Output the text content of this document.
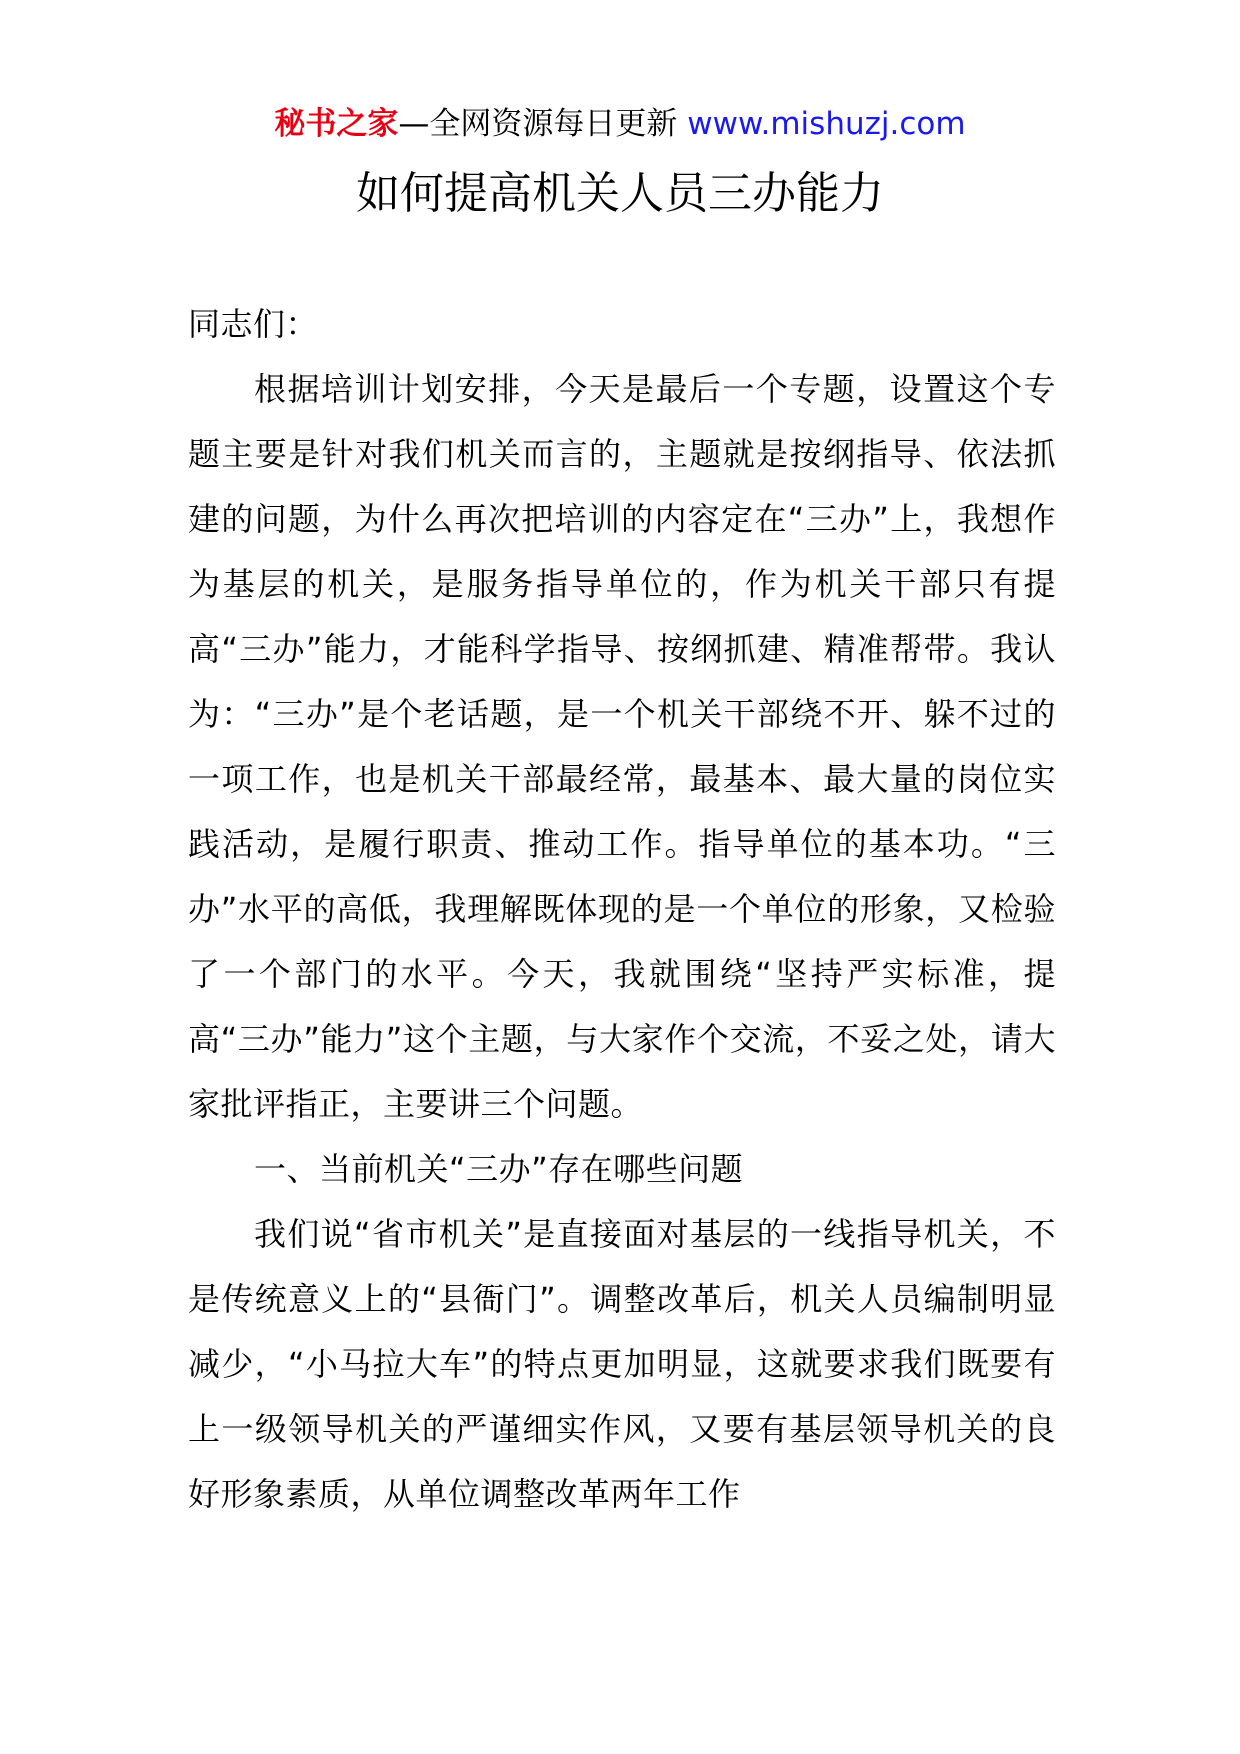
秘书之家—全网资源每日更新 www.mishuzj.com
如何提高机关人员三办能力

同志们：

根据培训计划安排，今天是最后一个专题，设置这个专题主要是针对我们机关而言的，主题就是按纲指导、依法抓建的问题，为什么再次把培训的内容定在“三办”上，我想作为基层的机关，是服务指导单位的，作为机关干部只有提高“三办”能力，才能科学指导、按纲抓建、精准帮带。我认为：“三办”是个老话题，是一个机关干部绕不开、躲不过的一项工作，也是机关干部最经常，最基本、最大量的岗位实践活动，是履行职责、推动工作。指导单位的基本功。“三办”水平的高低，我理解既体现的是一个单位的形象，又检验了一个部门的水平。今天，我就围绕“坚持严实标准，提高“三办”能力”这个主题，与大家作个交流，不妥之处，请大家批评指正，主要讲三个问题。

一、当前机关“三办”存在哪些问题

我们说“省市机关”是直接面对基层的一线指导机关，不是传统意义上的“县衙门”。调整改革后，机关人员编制明显减少，“小马拉大车”的特点更加明显，这就要求我们既要有上一级领导机关的严谨细实作风，又要有基层领导机关的良好形象素质，从单位调整改革两年工作
